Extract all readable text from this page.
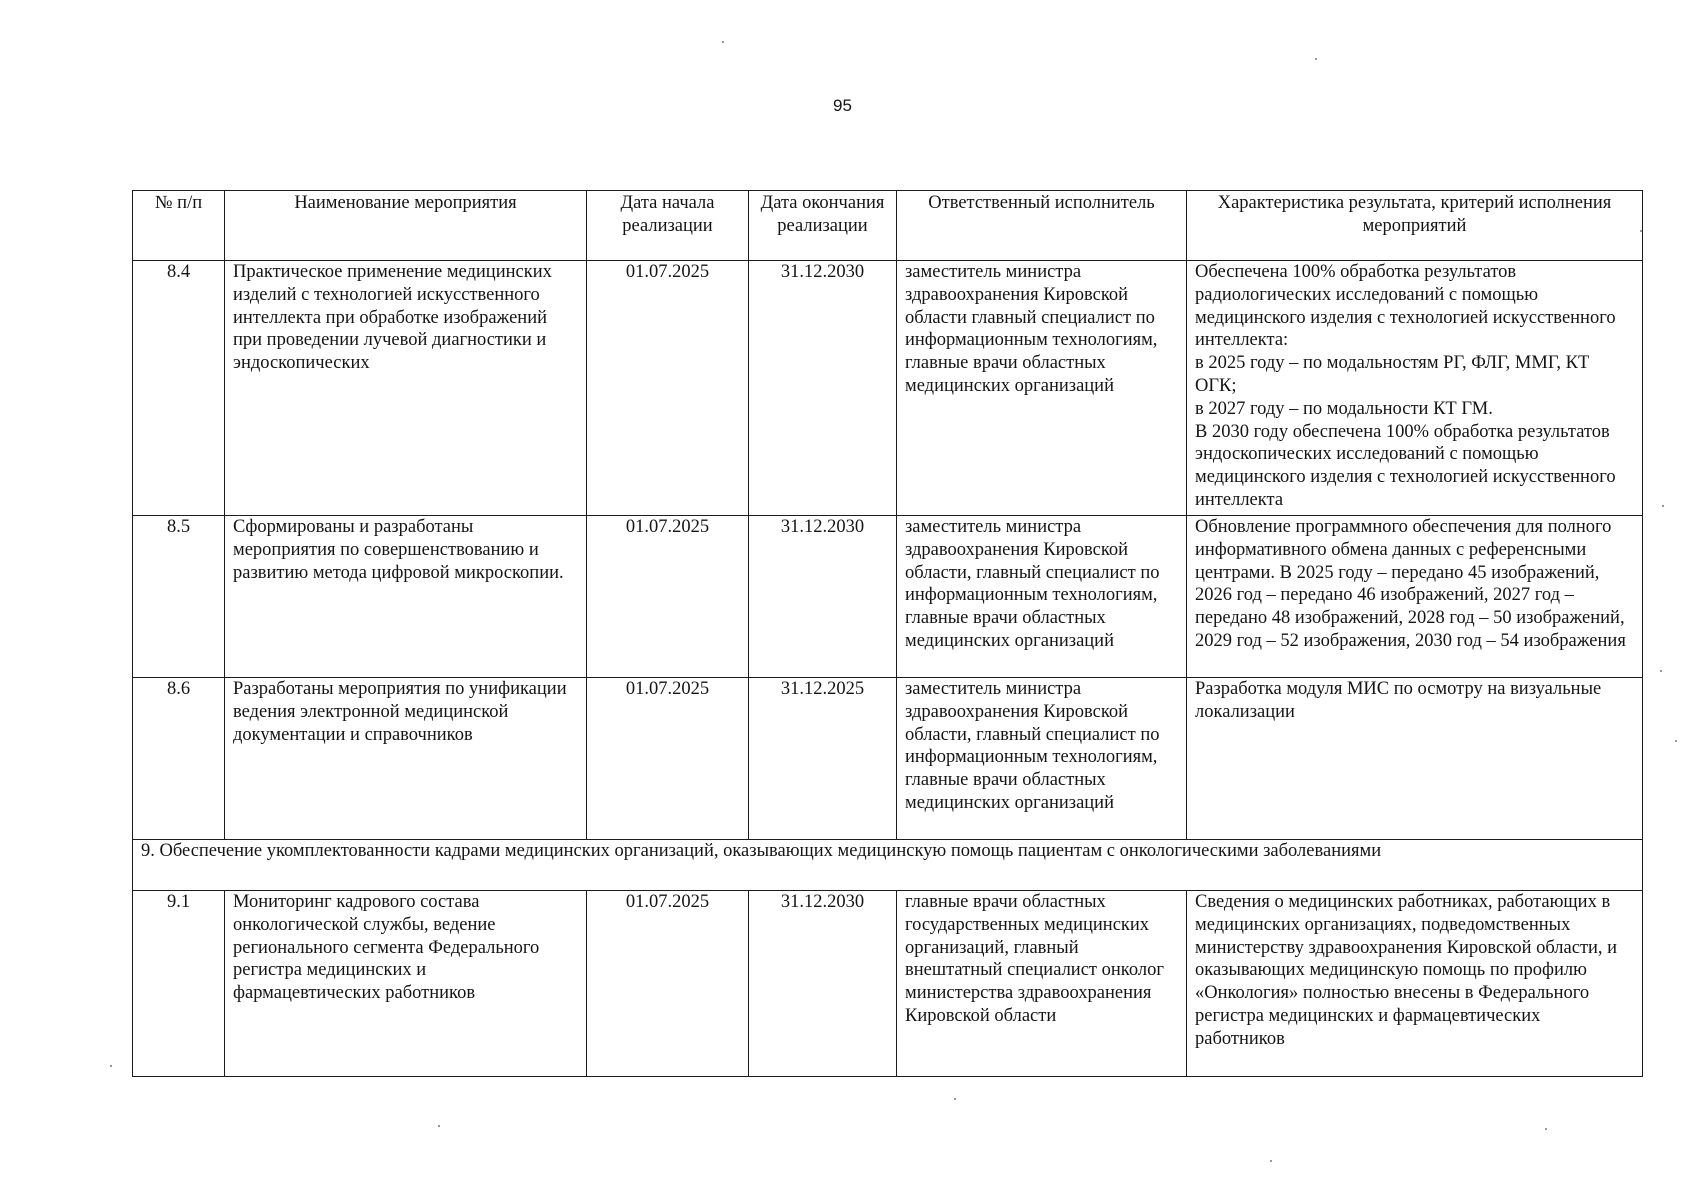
95
№ п/п	Наименование мероприятия	Дата начала реализации	Дата окончания реализации	Ответственный исполнитель	Характеристика результата, критерий исполнения мероприятий
8.4	Практическое применение медицинских изделий с технологией искусственного интеллекта при обработке изображений при проведении лучевой диагностики и эндоскопических	01.07.2025	31.12.2030	заместитель министра здравоохранения Кировской области главный специалист по информационным технологиям, главные врачи областных медицинских организаций	Обеспечена 100% обработка результатов радиологических исследований с помощью медицинского изделия с технологией искусственного интеллекта:
в 2025 году – по модальностям РГ, ФЛГ, ММГ, КТ ОГК;
в 2027 году – по модальности КТ ГМ.
В 2030 году обеспечена 100% обработка результатов эндоскопических исследований с помощью медицинского изделия с технологией искусственного интеллекта
8.5	Сформированы и разработаны мероприятия по совершенствованию и развитию метода цифровой микроскопии.	01.07.2025	31.12.2030	заместитель министра здравоохранения Кировской области, главный специалист по информационным технологиям, главные врачи областных медицинских организаций	Обновление программного обеспечения для полного информативного обмена данных с референсными центрами. В 2025 году – передано 45 изображений, 2026 год – передано 46 изображений, 2027 год – передано 48 изображений, 2028 год – 50 изображений, 2029 год – 52 изображения, 2030 год – 54 изображения
8.6	Разработаны мероприятия по унификации ведения электронной медицинской документации и справочников	01.07.2025	31.12.2025	заместитель министра здравоохранения Кировской области, главный специалист по информационным технологиям, главные врачи областных медицинских организаций	Разработка модуля МИС по осмотру на визуальные локализации
9. Обеспечение укомплектованности кадрами медицинских организаций, оказывающих медицинскую помощь пациентам с онкологическими заболеваниями					
9.1	Мониторинг кадрового состава онкологической службы, ведение регионального сегмента Федерального регистра медицинских и фармацевтических работников	01.07.2025	31.12.2030	главные врачи областных государственных медицинских организаций, главный внештатный специалист онколог министерства здравоохранения Кировской области	Сведения о медицинских работниках, работающих в медицинских организациях, подведомственных министерству здравоохранения Кировской области, и оказывающих медицинскую помощь по профилю «Онкология» полностью внесены в Федерального регистра медицинских и фармацевтических работников
